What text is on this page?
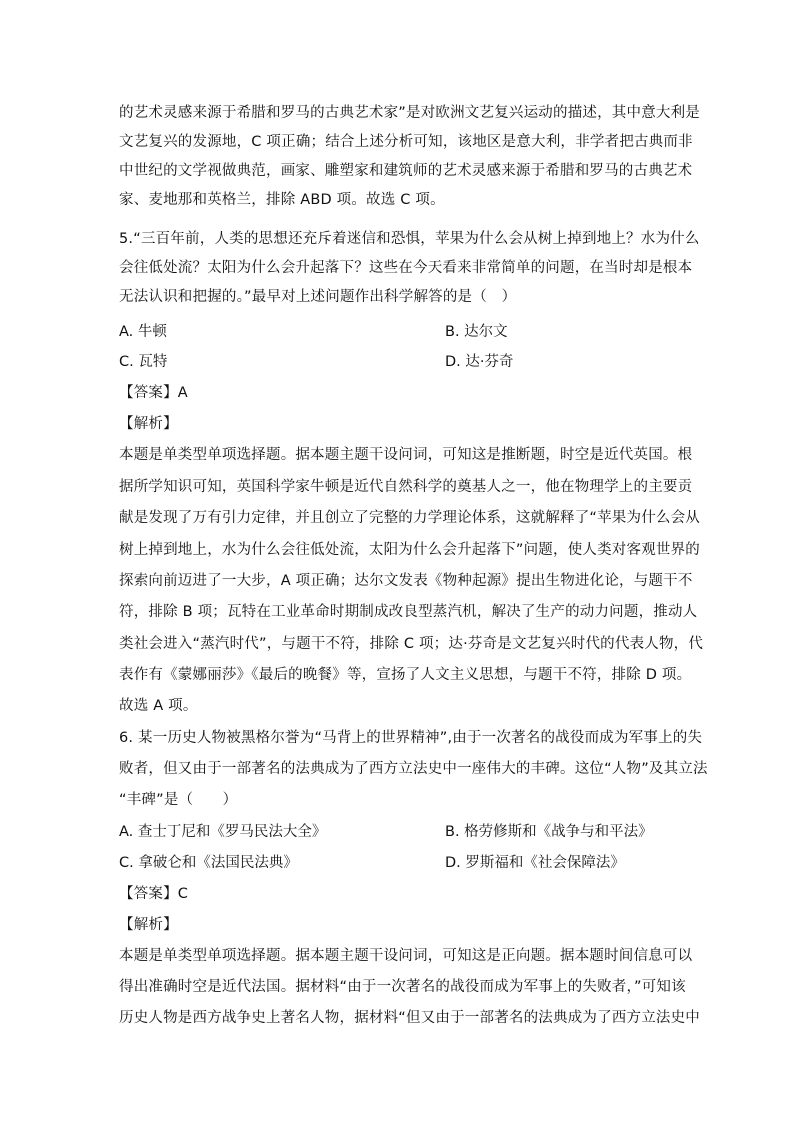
的艺术灵感来源于希腊和罗马的古典艺术家”是对欧洲文艺复兴运动的描述，其中意大利是
文艺复兴的发源地，C 项正确；结合上述分析可知，该地区是意大利，非学者把古典而非
中世纪的文学视做典范，画家、雕塑家和建筑师的艺术灵感来源于希腊和罗马的古典艺术
家、麦地那和英格兰，排除 ABD 项。故选 C 项。
5.“三百年前，人类的思想还充斥着迷信和恐惧，苹果为什么会从树上掉到地上？水为什么
会往低处流？太阳为什么会升起落下？这些在今天看来非常简单的问题，在当时却是根本
无法认识和把握的。”最早对上述问题作出科学解答的是（　）
A. 牛顿	B. 达尔文
C. 瓦特	D. 达·芬奇
【答案】A
【解析】
本题是单类型单项选择题。据本题主题干设问词，可知这是推断题，时空是近代英国。根
据所学知识可知，英国科学家牛顿是近代自然科学的奠基人之一，他在物理学上的主要贡
献是发现了万有引力定律，并且创立了完整的力学理论体系，这就解释了“苹果为什么会从
树上掉到地上，水为什么会往低处流，太阳为什么会升起落下”问题，使人类对客观世界的
探索向前迈进了一大步，A 项正确；达尔文发表《物种起源》提出生物进化论，与题干不
符，排除 B 项；瓦特在工业革命时期制成改良型蒸汽机，解决了生产的动力问题，推动人
类社会进入“蒸汽时代”，与题干不符，排除 C 项；达·芬奇是文艺复兴时代的代表人物，代
表作有《蒙娜丽莎》《最后的晚餐》等，宣扬了人文主义思想，与题干不符，排除 D 项。
故选 A 项。
6. 某一历史人物被黑格尔誉为“马背上的世界精神”,由于一次著名的战役而成为军事上的失
败者，但又由于一部著名的法典成为了西方立法史中一座伟大的丰碑。这位“人物”及其立法
“丰碑”是（　　）
A. 查士丁尼和《罗马民法大全》	B. 格劳修斯和《战争与和平法》
C. 拿破仑和《法国民法典》	D. 罗斯福和《社会保障法》
【答案】C
【解析】
本题是单类型单项选择题。据本题主题干设问词，可知这是正向题。据本题时间信息可以
得出准确时空是近代法国。据材料“由于一次著名的战役而成为军事上的失败者，”可知该
历史人物是西方战争史上著名人物，据材料“但又由于一部著名的法典成为了西方立法史中
